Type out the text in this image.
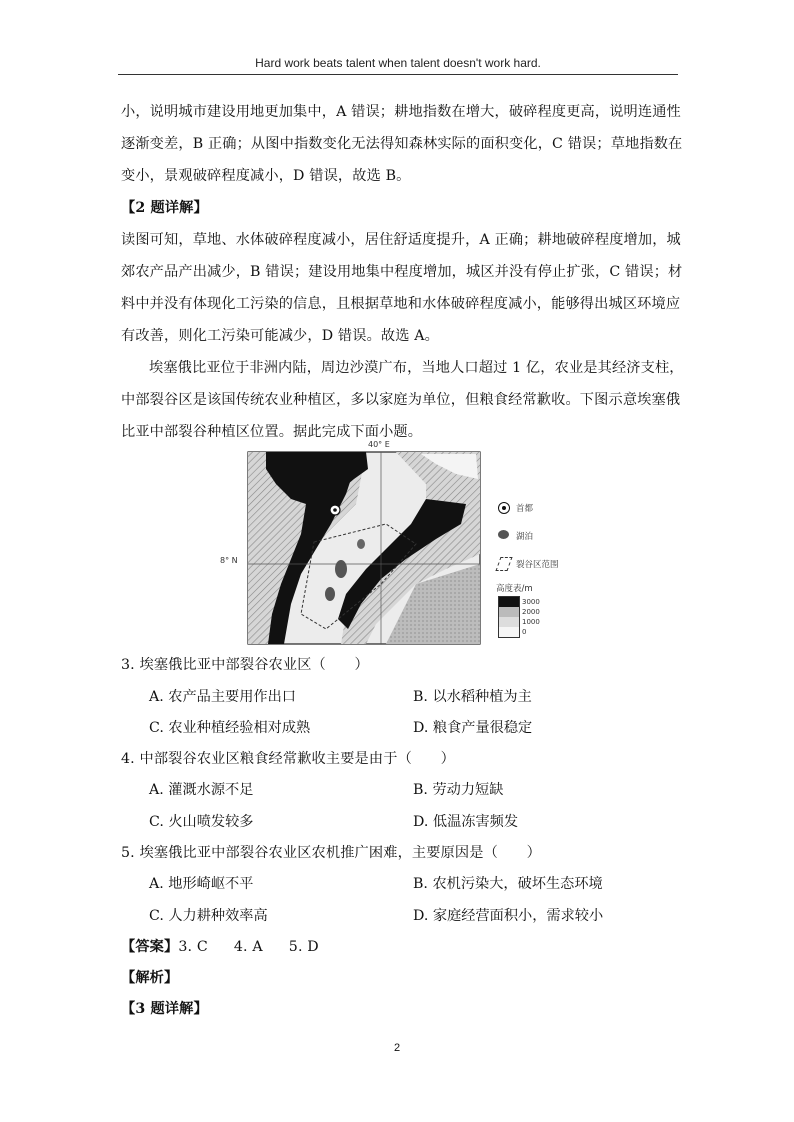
Hard work beats talent when talent doesn't work hard.
小，说明城市建设用地更加集中，A 错误；耕地指数在增大，破碎程度更高，说明连通性
逐渐变差，B 正确；从图中指数变化无法得知森林实际的面积变化，C 错误；草地指数在
变小，景观破碎程度减小，D 错误，故选 B。
【2 题详解】
读图可知，草地、水体破碎程度减小，居住舒适度提升，A 正确；耕地破碎程度增加，城
郊农产品产出减少，B 错误；建设用地集中程度增加，城区并没有停止扩张，C 错误；材
料中并没有体现化工污染的信息，且根据草地和水体破碎程度减小，能够得出城区环境应
有改善，则化工污染可能减少，D 错误。故选 A。
埃塞俄比亚位于非洲内陆，周边沙漠广布，当地人口超过 1 亿，农业是其经济支柱，
中部裂谷区是该国传统农业种植区，多以家庭为单位，但粮食经常歉收。下图示意埃塞俄
比亚中部裂谷种植区位置。据此完成下面小题。
40° E
8° N
首都
湖泊
裂谷区范围
高度表/m
3000
2000
1000
0
3. 埃塞俄比亚中部裂谷农业区（　　）
A. 农产品主要用作出口	B. 以水稻种植为主
C. 农业种植经验相对成熟	D. 粮食产量很稳定
4. 中部裂谷农业区粮食经常歉收主要是由于（　　）
A. 灌溉水源不足	B. 劳动力短缺
C. 火山喷发较多	D. 低温冻害频发
5. 埃塞俄比亚中部裂谷农业区农机推广困难，主要原因是（　　）
A. 地形崎岖不平	B. 农机污染大，破坏生态环境
C. 人力耕种效率高	D. 家庭经营面积小，需求较小
【答案】3. C 4. A 5. D
【解析】
【3 题详解】
2
